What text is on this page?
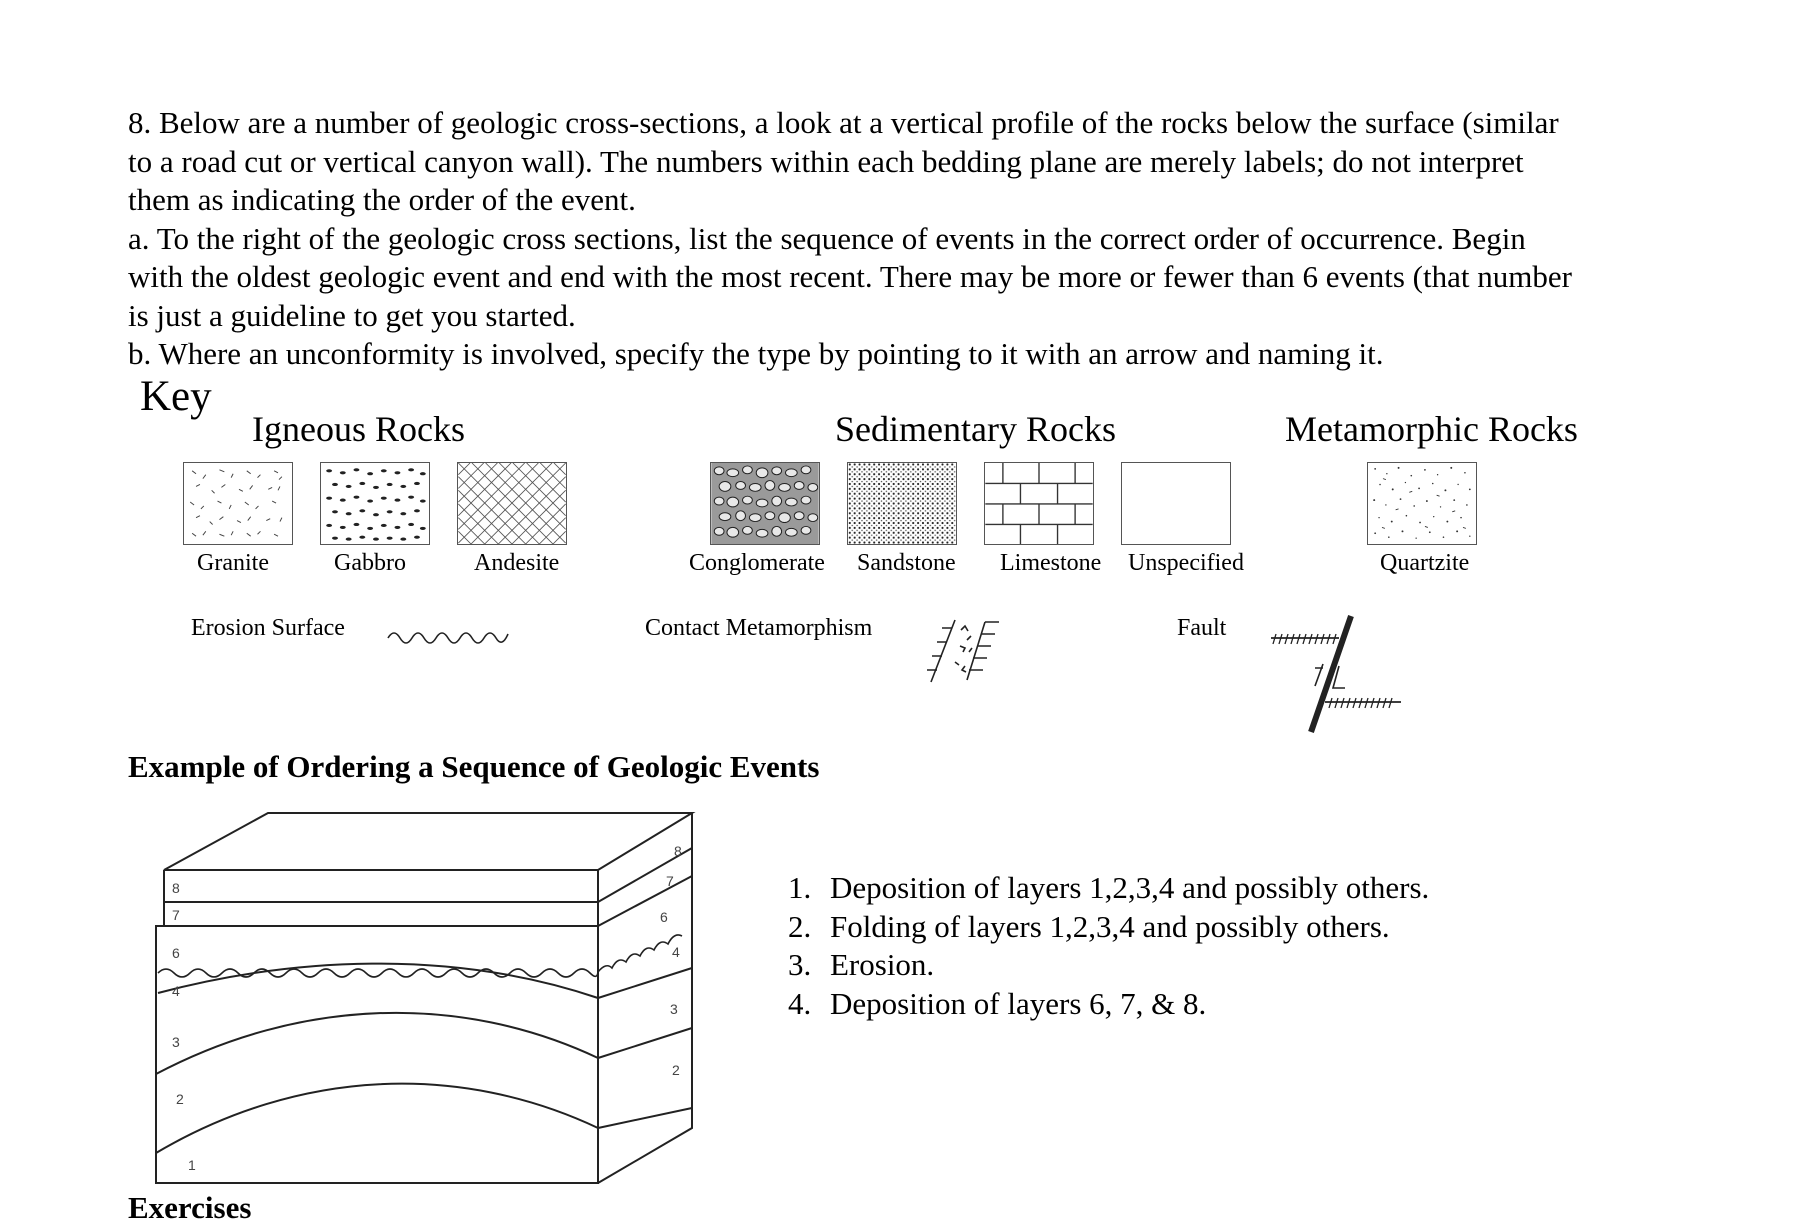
8. Below are a number of geologic cross-sections, a look at a vertical profile of the rocks below the surface (similar to a road cut or vertical canyon wall). The numbers within each bedding plane are merely labels; do not interpret them as indicating the order of the event.

a. To the right of the geologic cross sections, list the sequence of events in the correct order of occurrence. Begin with the oldest geologic event and end with the most recent. There may be more or fewer than 6 events (that number is just a guideline to get you started.

b. Where an unconformity is involved, specify the type by pointing to it with an arrow and naming it.

Key
Igneous Rocks	Sedimentary Rocks	Metamorphic Rocks
Granite	Gabbro	Andesite	Conglomerate Sandstone Limestone Unspecified	Quartzite
Erosion Surface	Contact Metamorphism	Fault
Example of Ordering a Sequence of Geologic Events
8
7
6
4
3
2
1
8
7
6
4
3
2
1. Deposition of layers 1,2,3,4 and possibly others.
2. Folding of layers 1,2,3,4 and possibly others.
3. Erosion.
4. Deposition of layers 6, 7, & 8.
Exercises
